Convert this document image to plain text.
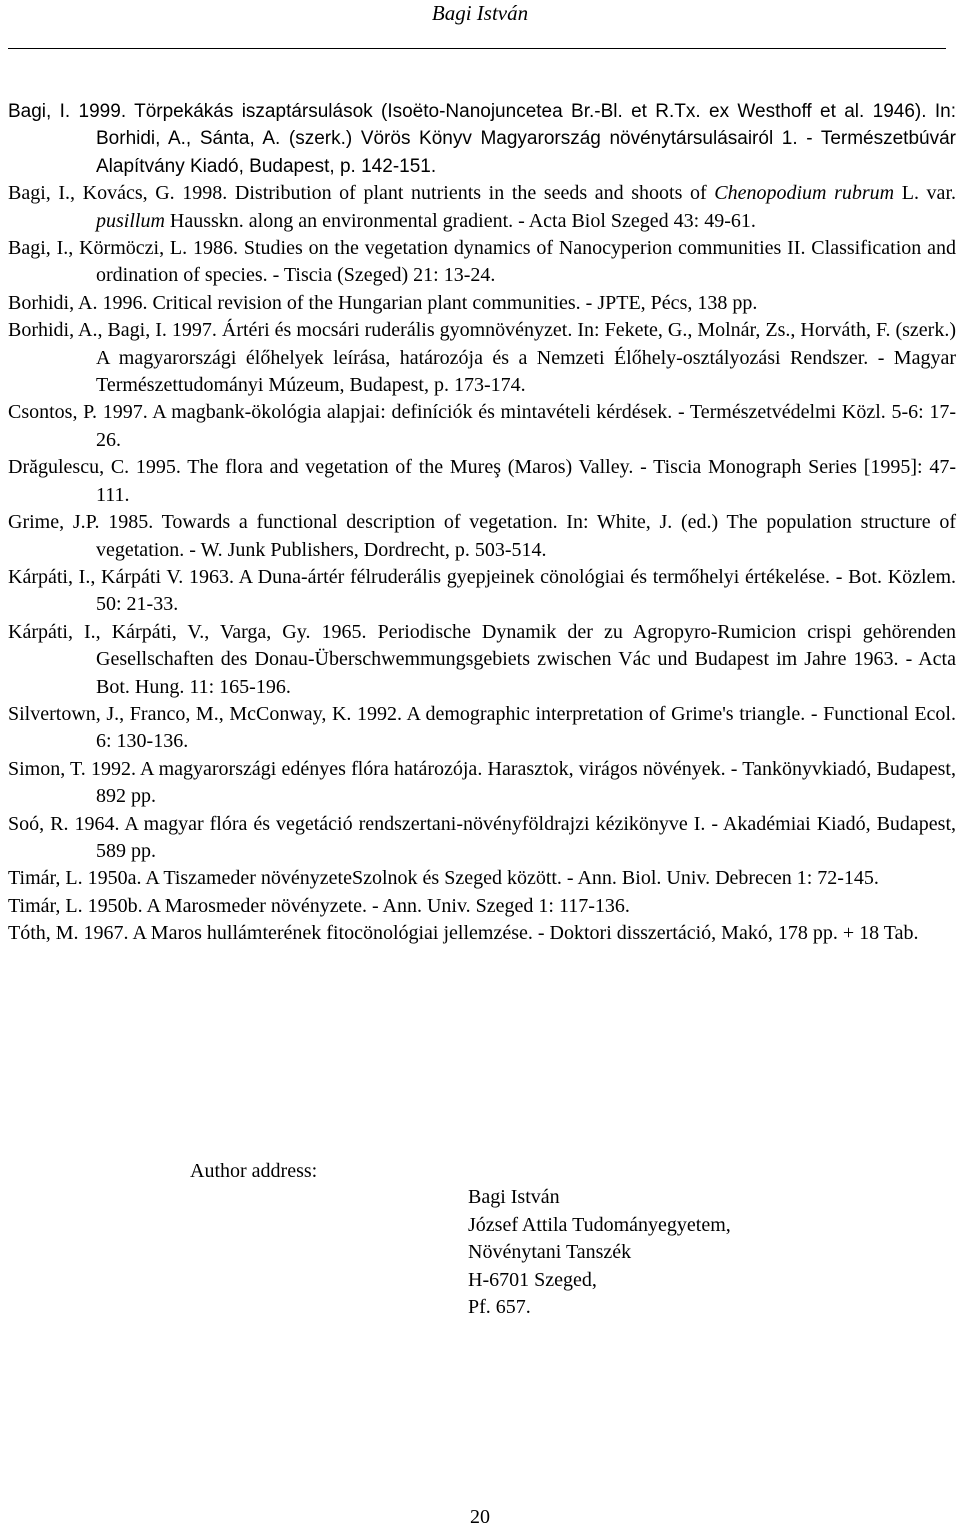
Bagi István

Bagi, I. 1999. Törpekákás iszaptársulások (Isoëto-Nanojuncetea Br.-Bl. et R.Tx. ex Westhoff et al. 1946). In: Borhidi, A., Sánta, A. (szerk.) Vörös Könyv Magyarország növénytársulásairól 1. - Természetbúvár Alapítvány Kiadó, Budapest, p. 142-151.

Bagi, I., Kovács, G. 1998. Distribution of plant nutrients in the seeds and shoots of Chenopodium rubrum L. var. pusillum Hausskn. along an environmental gradient. - Acta Biol Szeged 43: 49-61.

Bagi, I., Körmöczi, L. 1986. Studies on the vegetation dynamics of Nanocyperion communities II. Classification and ordination of species. - Tiscia (Szeged) 21: 13-24.

Borhidi, A. 1996. Critical revision of the Hungarian plant communities. - JPTE, Pécs, 138 pp.

Borhidi, A., Bagi, I. 1997. Ártéri és mocsári ruderális gyomnövényzet. In: Fekete, G., Molnár, Zs., Horváth, F. (szerk.) A magyarországi élőhelyek leírása, határozója és a Nemzeti Élőhely-osztályozási Rendszer. - Magyar Természettudományi Múzeum, Budapest, p. 173-174.

Csontos, P. 1997. A magbank-ökológia alapjai: definíciók és mintavételi kérdések. - Természetvédelmi Közl. 5-6: 17-26.

Drăgulescu, C. 1995. The flora and vegetation of the Mureş (Maros) Valley. - Tiscia Monograph Series [1995]: 47-111.

Grime, J.P. 1985. Towards a functional description of vegetation. In: White, J. (ed.) The population structure of vegetation. - W. Junk Publishers, Dordrecht, p. 503-514.

Kárpáti, I., Kárpáti V. 1963. A Duna-ártér félruderális gyepjeinek cönológiai és termőhelyi értékelése. - Bot. Közlem. 50: 21-33.

Kárpáti, I., Kárpáti, V., Varga, Gy. 1965. Periodische Dynamik der zu Agropyro-Rumicion crispi gehörenden Gesellschaften des Donau-Überschwemmungsgebiets zwischen Vác und Budapest im Jahre 1963. - Acta Bot. Hung. 11: 165-196.

Silvertown, J., Franco, M., McConway, K. 1992. A demographic interpretation of Grime's triangle. - Functional Ecol. 6: 130-136.

Simon, T. 1992. A magyarországi edényes flóra határozója. Harasztok, virágos növények. - Tankönyvkiadó, Budapest, 892 pp.

Soó, R. 1964. A magyar flóra és vegetáció rendszertani-növényföldrajzi kézikönyve I. - Akadémiai Kiadó, Budapest, 589 pp.

Timár, L. 1950a. A Tiszameder növényzeteSzolnok és Szeged között. - Ann. Biol. Univ. Debrecen 1: 72-145.

Timár, L. 1950b. A Marosmeder növényzete. - Ann. Univ. Szeged 1: 117-136.

Tóth, M. 1967. A Maros hullámterének fitocönológiai jellemzése. - Doktori disszertáció, Makó, 178 pp. + 18 Tab.

Author address:
Bagi István
József Attila Tudományegyetem,
Növénytani Tanszék
H-6701 Szeged,
Pf. 657.
20
